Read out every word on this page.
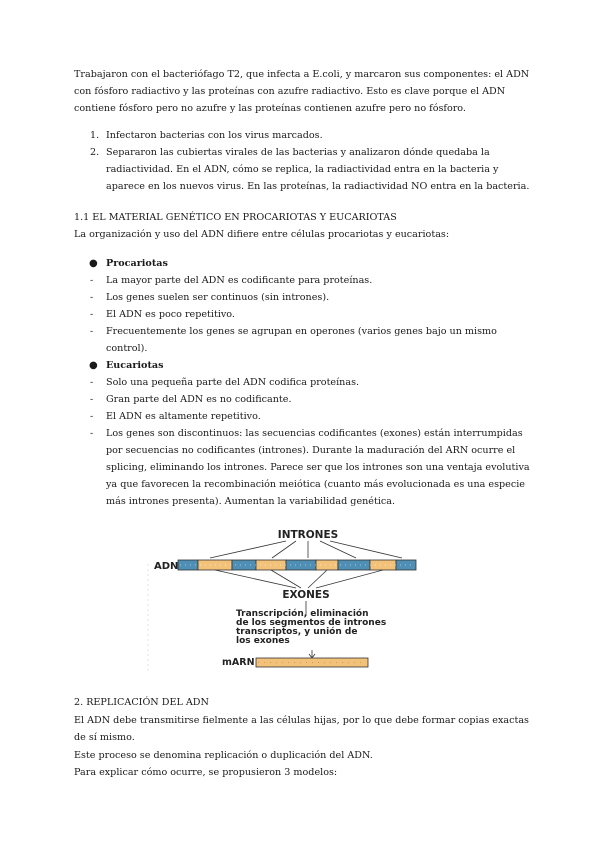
Trabajaron con el bacteriófago T2, que infecta a E.coli, y marcaron sus componentes: el ADN con fósforo radiactivo y las proteínas con azufre radiactivo. Esto es clave porque el ADN contiene fósforo pero no azufre y las proteínas contienen azufre pero no fósforo.

1. Infectaron bacterias con los virus marcados.
2. Separaron las cubiertas virales de las bacterias y analizaron dónde quedaba la radiactividad. En el ADN, cómo se replica, la radiactividad entra en la bacteria y aparece en los nuevos virus. En las proteínas, la radiactividad NO entra en la bacteria.

1.1 EL MATERIAL GENÉTICO EN PROCARIOTAS Y EUCARIOTAS

La organización y uso del ADN difiere entre células procariotas y eucariotas:

● Procariotas
- La mayor parte del ADN es codificante para proteínas.
- Los genes suelen ser continuos (sin intrones).
- El ADN es poco repetitivo.
- Frecuentemente los genes se agrupan en operones (varios genes bajo un mismo control).
● Eucariotas
- Solo una pequeña parte del ADN codifica proteínas.
- Gran parte del ADN es no codificante.
- El ADN es altamente repetitivo.
- Los genes son discontinuos: las secuencias codificantes (exones) están interrumpidas por secuencias no codificantes (intrones). Durante la maduración del ARN ocurre el splicing, eliminando los intrones. Parece ser que los intrones son una ventaja evolutiva ya que favorecen la recombinación meiótica (cuanto más evolucionada es una especie más intrones presenta). Aumentan la variabilidad genética.
INTRONES
ADN
EXONES
Transcripción, eliminación
de los segmentos de intrones
transcriptos, y unión de
los exones
mARN

2. REPLICACIÓN DEL ADN

El ADN debe transmitirse fielmente a las células hijas, por lo que debe formar copias exactas de sí mismo.

Este proceso se denomina replicación o duplicación del ADN.

Para explicar cómo ocurre, se propusieron 3 modelos:
